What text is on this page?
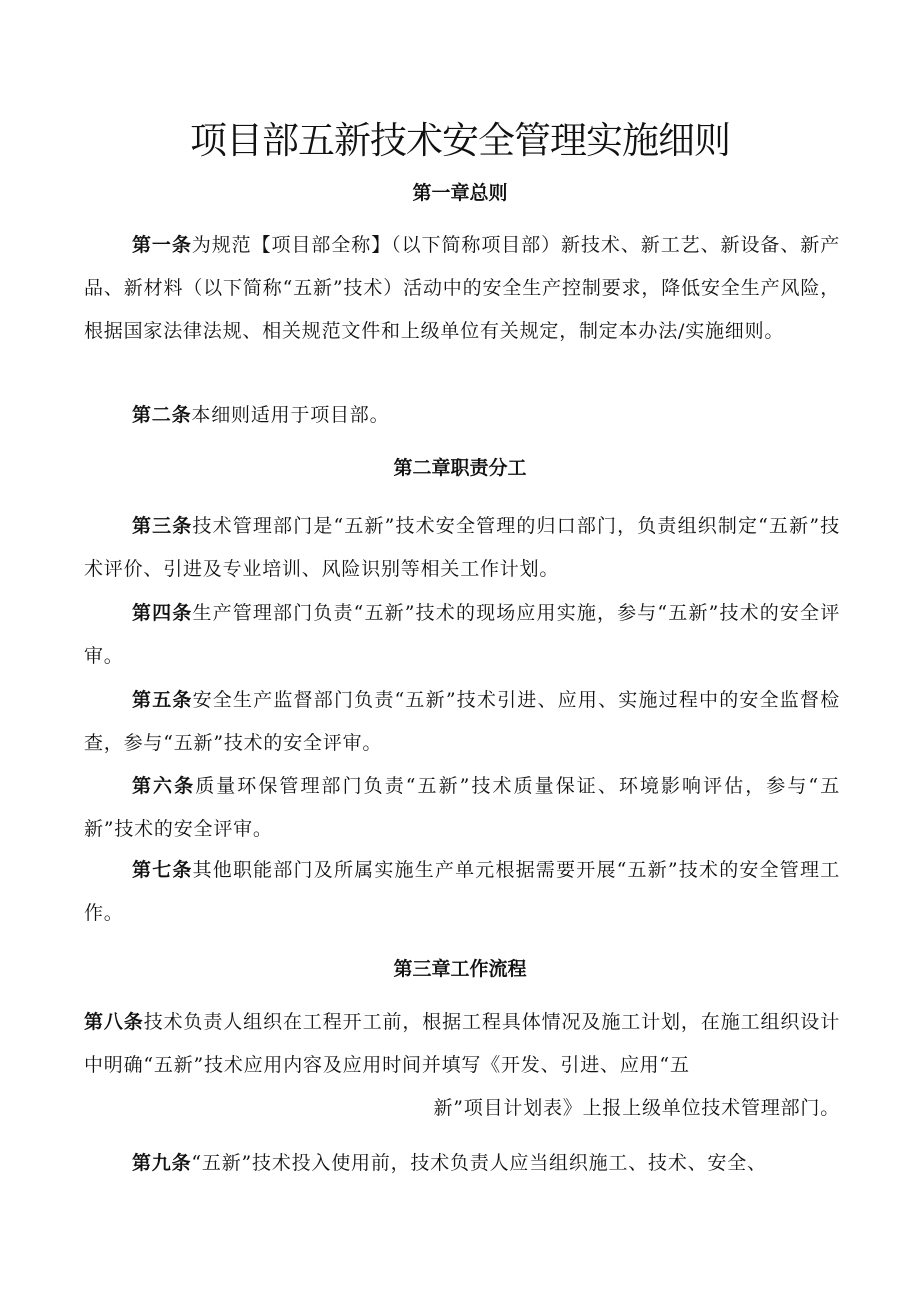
项目部五新技术安全管理实施细则
第一章总则
第一条为规范【项目部全称】（以下简称项目部）新技术、新工艺、新设备、新产品、新材料（以下简称“五新”技术）活动中的安全生产控制要求，降低安全生产风险，根据国家法律法规、相关规范文件和上级单位有关规定，制定本办法/实施细则。
第二条本细则适用于项目部。
第二章职责分工
第三条技术管理部门是“五新”技术安全管理的归口部门，负责组织制定“五新”技术评价、引进及专业培训、风险识别等相关工作计划。
第四条生产管理部门负责“五新”技术的现场应用实施，参与“五新”技术的安全评审。
第五条安全生产监督部门负责“五新”技术引进、应用、实施过程中的安全监督检查，参与“五新”技术的安全评审。
第六条质量环保管理部门负责“五新”技术质量保证、环境影响评估，参与“五新”技术的安全评审。
第七条其他职能部门及所属实施生产单元根据需要开展“五新”技术的安全管理工作。
第三章工作流程
第八条技术负责人组织在工程开工前，根据工程具体情况及施工计划，在施工组织设计中明确“五新”技术应用内容及应用时间并填写《开发、引进、应用“五
新”项目计划表》上报上级单位技术管理部门。
第九条“五新”技术投入使用前，技术负责人应当组织施工、技术、安全、
